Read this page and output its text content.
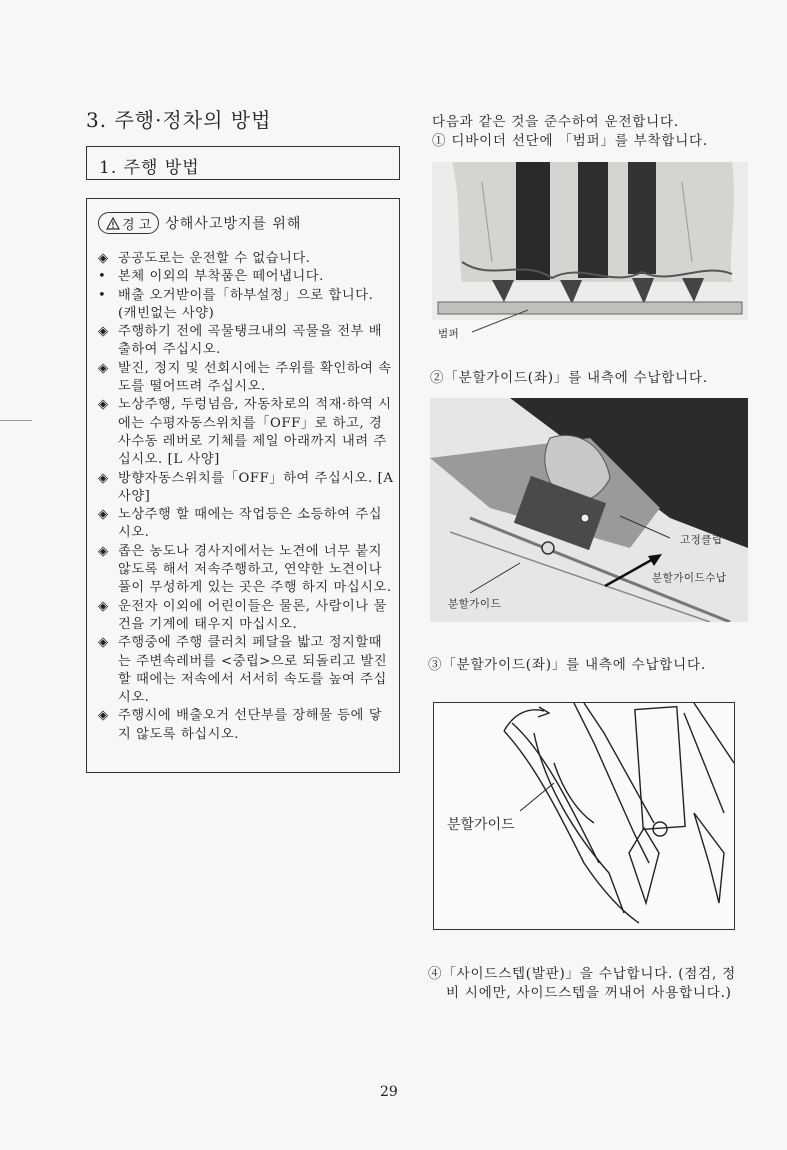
3. 주행·정차의 방법
1. 주행 방법
경 고 상해사고방지를 위해
◈ 공공도로는 운전할 수 없습니다.
• 본체 이외의 부착품은 떼어냅니다.
• 배출 오거받이를「하부설정」으로 합니다. (캐빈없는 사양)
◈ 주행하기 전에 곡물탱크내의 곡물을 전부 배출하여 주십시오.
◈ 발진, 정지 및 선회시에는 주위를 확인하여 속도를 떨어뜨려 주십시오.
◈ 노상주행, 두렁넘음, 자동차로의 적재·하역 시에는 수평자동스위치를「OFF」로 하고, 경사수동 레버로 기체를 제일 아래까지 내려 주십시오. [L 사양]
◈ 방향자동스위치를「OFF」하여 주십시오. [A사양]
◈ 노상주행 할 때에는 작업등은 소등하여 주십시오.
◈ 좁은 농도나 경사지에서는 노견에 너무 붙지 않도록 해서 저속주행하고, 연약한 노견이나 풀이 무성하게 있는 곳은 주행 하지 마십시오.
◈ 운전자 이외에 어린이들은 물론, 사람이나 물건을 기계에 태우지 마십시오.
◈ 주행중에 주행 클러치 페달을 밟고 정지할때는 주변속레버를 <중립>으로 되돌리고 발진할 때에는 저속에서 서서히 속도를 높여 주십시오.
◈ 주행시에 배출오거 선단부를 장해물 등에 닿지 않도록 하십시오.
다음과 같은 것을 준수하여 운전합니다.
① 디바이더 선단에 「범퍼」를 부착합니다.
범퍼
②「분할가이드(좌)」를 내측에 수납합니다.
고정클립
분할가이드수납
분할가이드
③「분할가이드(좌)」를 내측에 수납합니다.
분할가이드
④「사이드스텝(발판)」을 수납합니다. (점검, 정
비 시에만, 사이드스텝을 꺼내어 사용합니다.)
29
